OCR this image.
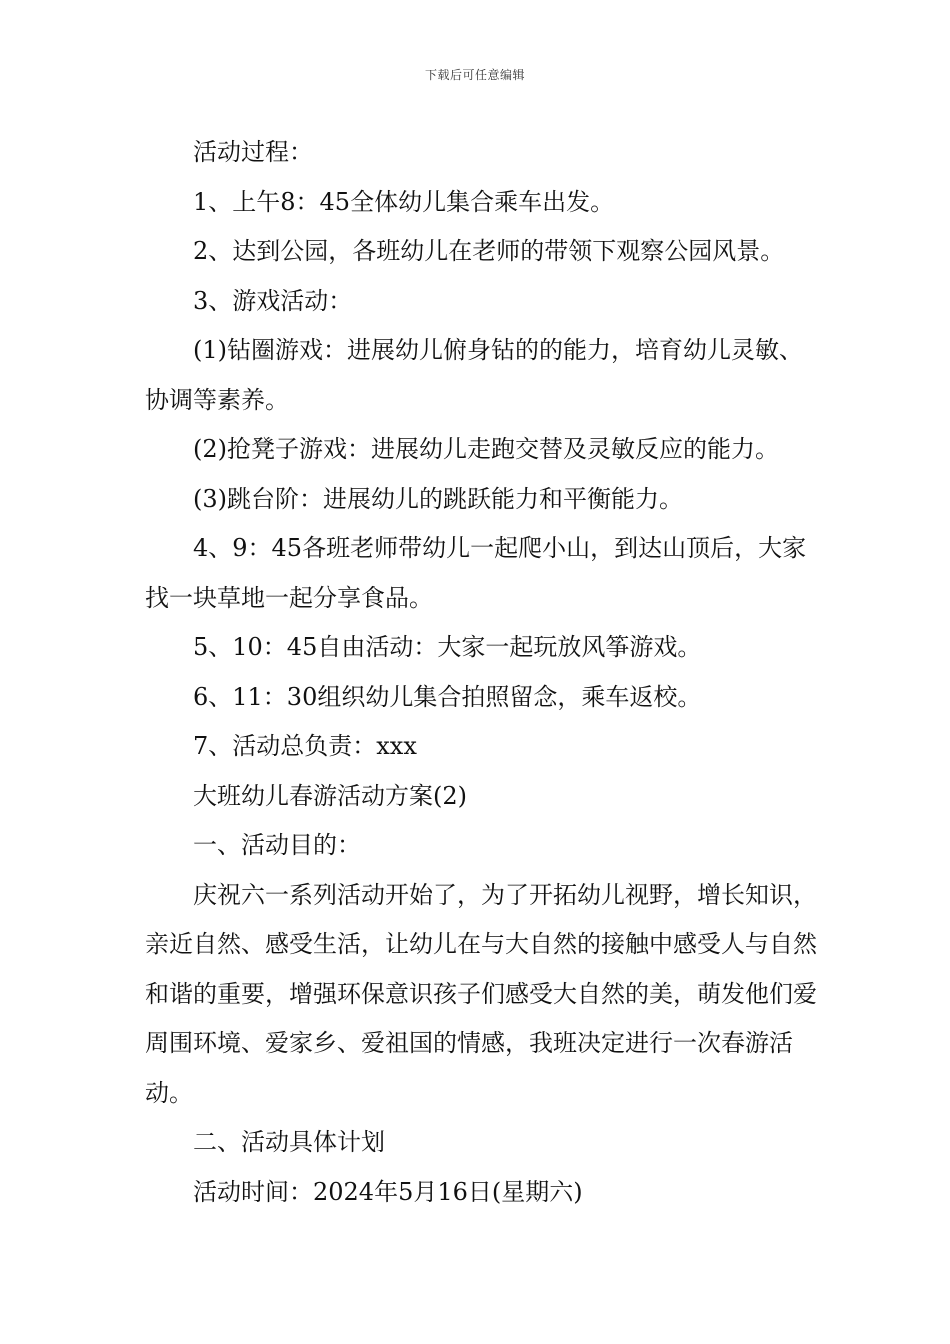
下载后可任意编辑

活动过程：

1、上午8：45全体幼儿集合乘车出发。

2、达到公园，各班幼儿在老师的带领下观察公园风景。

3、游戏活动：

(1)钻圈游戏：进展幼儿俯身钻的的能力，培育幼儿灵敏、协调等素养。

(2)抢凳子游戏：进展幼儿走跑交替及灵敏反应的能力。

(3)跳台阶：进展幼儿的跳跃能力和平衡能力。

4、9：45各班老师带幼儿一起爬小山，到达山顶后，大家找一块草地一起分享食品。

5、10：45自由活动：大家一起玩放风筝游戏。

6、11：30组织幼儿集合拍照留念，乘车返校。

7、活动总负责：xxx

大班幼儿春游活动方案(2)

一、活动目的：

庆祝六一系列活动开始了，为了开拓幼儿视野，增长知识，亲近自然、感受生活，让幼儿在与大自然的接触中感受人与自然和谐的重要，增强环保意识孩子们感受大自然的美，萌发他们爱周围环境、爱家乡、爱祖国的情感，我班决定进行一次春游活动。

二、活动具体计划

活动时间：2024年5月16日(星期六)
